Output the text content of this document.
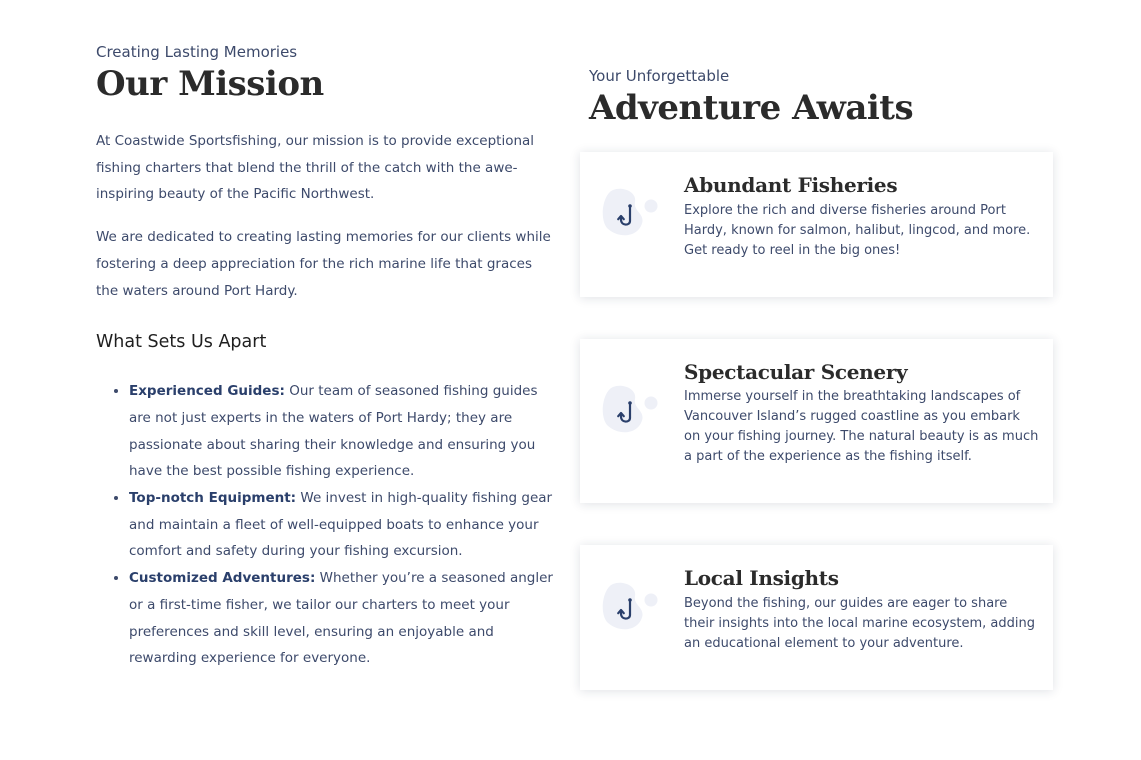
Creating Lasting Memories

Our Mission

At Coastwide Sportsfishing, our mission is to provide exceptional fishing charters that blend the thrill of the catch with the awe-inspiring beauty of the Pacific Northwest.

We are dedicated to creating lasting memories for our clients while fostering a deep appreciation for the rich marine life that graces the waters around Port Hardy.

What Sets Us Apart
• Experienced Guides: Our team of seasoned fishing guides are not just experts in the waters of Port Hardy; they are passionate about sharing their knowledge and ensuring you have the best possible fishing experience.
• Top-notch Equipment: We invest in high-quality fishing gear and maintain a fleet of well-equipped boats to enhance your comfort and safety during your fishing excursion.
• Customized Adventures: Whether you’re a seasoned angler or a first-time fisher, we tailor our charters to meet your preferences and skill level, ensuring an enjoyable and rewarding experience for everyone.

Your Unforgettable

Adventure Awaits
Abundant Fisheries

Explore the rich and diverse fisheries around Port Hardy, known for salmon, halibut, lingcod, and more. Get ready to reel in the big ones!

Spectacular Scenery

Immerse yourself in the breathtaking landscapes of Vancouver Island’s rugged coastline as you embark on your fishing journey. The natural beauty is as much a part of the experience as the fishing itself.

Local Insights

Beyond the fishing, our guides are eager to share their insights into the local marine ecosystem, adding an educational element to your adventure.
